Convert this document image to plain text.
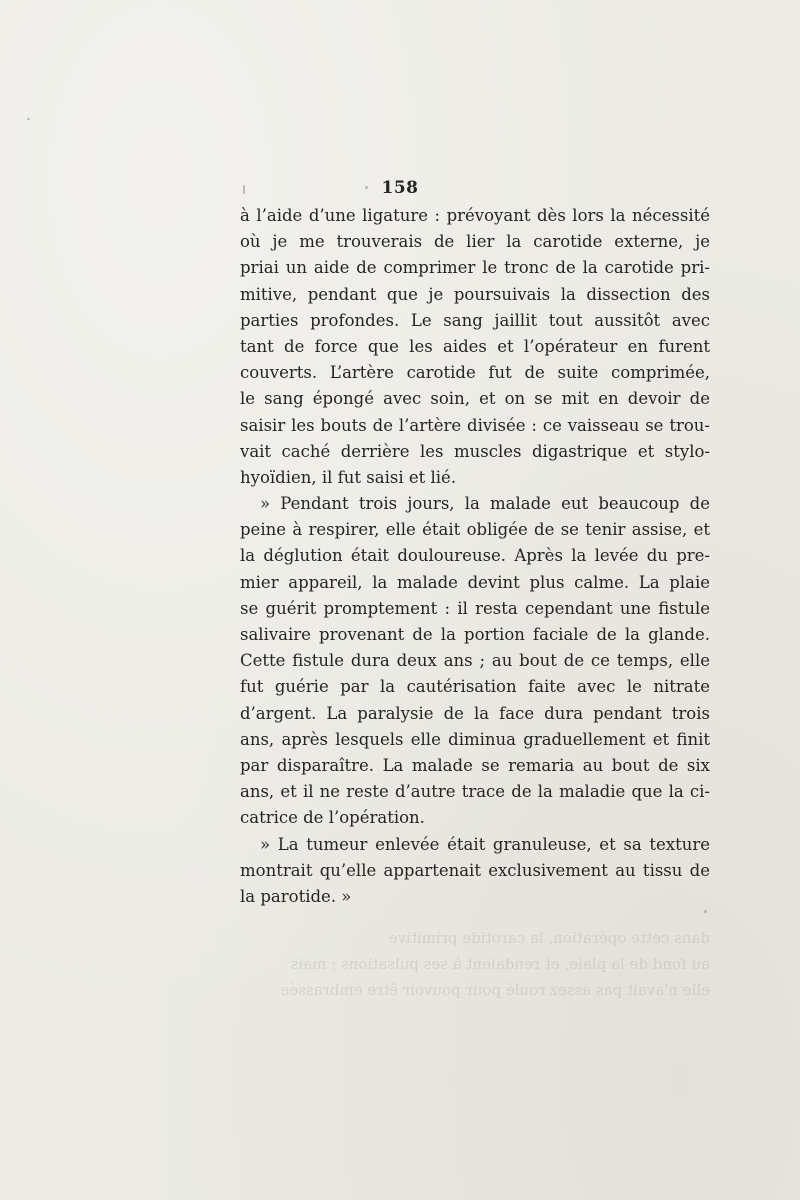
dans cette opération, la carotide primitive
au fond de la plaie, et rendaient à ses pulsations ; mais
elle n'avait pas assez roulé pour pouvoir être embrassée
158
à l’aide d’une ligature : prévoyant dès lors la nécessité
où je me trouverais de lier la carotide externe, je
priai un aide de comprimer le tronc de la carotide pri-
mitive, pendant que je poursuivais la dissection des
parties profondes. Le sang jaillit tout aussitôt avec
tant de force que les aides et l’opérateur en furent
couverts. L’artère carotide fut de suite comprimée,
le sang épongé avec soin, et on se mit en devoir de
saisir les bouts de l’artère divisée : ce vaisseau se trou-
vait caché derrière les muscles digastrique et stylo-
hyoïdien, il fut saisi et lié.
» Pendant trois jours, la malade eut beaucoup de
peine à respirer, elle était obligée de se tenir assise, et
la déglution était douloureuse. Après la levée du pre-
mier appareil, la malade devint plus calme. La plaie
se guérit promptement : il resta cependant une fistule
salivaire provenant de la portion faciale de la glande.
Cette fistule dura deux ans ; au bout de ce temps, elle
fut guérie par la cautérisation faite avec le nitrate
d’argent. La paralysie de la face dura pendant trois
ans, après lesquels elle diminua graduellement et finit
par disparaître. La malade se remaria au bout de six
ans, et il ne reste d’autre trace de la maladie que la ci-
catrice de l’opération.
» La tumeur enlevée était granuleuse, et sa texture
montrait qu’elle appartenait exclusivement au tissu de
la parotide. »
